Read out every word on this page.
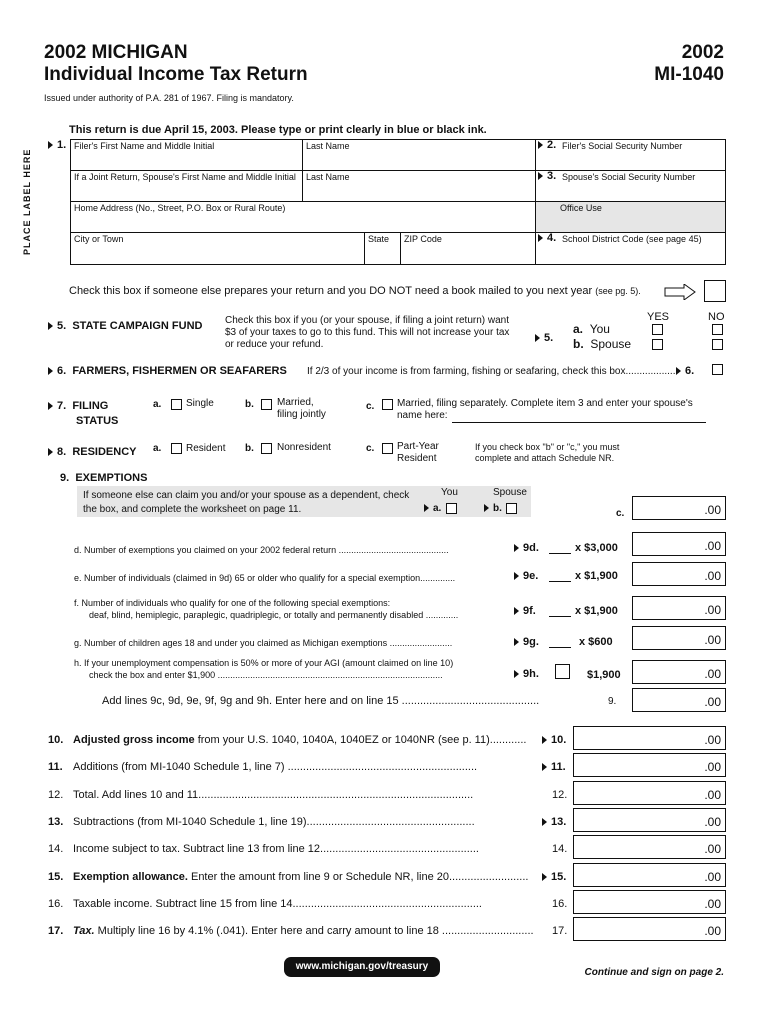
2002 MICHIGAN
Individual Income Tax Return
Issued under authority of P.A. 281 of 1967. Filing is mandatory.
2002
MI-1040
This return is due April 15, 2003. Please type or print clearly in blue or black ink.
PLACE LABEL HERE
1. Filer's First Name and Middle Initial	Last Name	2. Filer's Social Security Number
If a Joint Return, Spouse's First Name and Middle Initial Last Name	3. Spouse's Social Security Number
Home Address (No., Street, P.O. Box or Rural Route)	Office Use
City or Town	State ZIP Code	4. School District Code (see page 45)
Check this box if someone else prepares your return and you DO NOT need a book mailed to you next year (see pg. 5).
5. STATE CAMPAIGN FUND Check this box if you (or your spouse, if filing a joint return) want
$3 of your taxes to go to this fund. This will not increase your tax
or reduce your refund.
5.
YES	NO
a. You
b. Spouse
6. FARMERS, FISHERMEN OR SEAFARERS If 2/3 of your income is from farming, fishing or seafaring, check this box.................. 6.
7. FILING
STATUS
a. Single	b. Married,
filing jointly
c. Married, filing separately. Complete item 3 and enter your spouse's
name here:
8. RESIDENCY a. Resident b. Nonresident	c. Part-Year
Resident
If you check box "b" or "c," you must
complete and attach Schedule NR.
9. EXEMPTIONS
If someone else can claim you and/or your spouse as a dependent, check
the box, and complete the worksheet on page 11.
You	Spouse
a.	b.	c.	.00
d. Number of exemptions you claimed on your 2002 federal return ............................................	9d.	x $3,000	.00
e. Number of individuals (claimed in 9d) 65 or older who qualify for a special exemption..............	9e.	x $1,900	.00
f. Number of individuals who qualify for one of the following special exemptions:
deaf, blind, hemiplegic, paraplegic, quadriplegic, or totally and permanently disabled .............	9f.	x $1,900	.00
g. Number of children ages 18 and under you claimed as Michigan exemptions .........................	9g.	x $600	.00
h. If your unemployment compensation is 50% or more of your AGI (amount claimed on line 10)
check the box and enter $1,900 ..........................................................................................	9h.	$1,900	.00
Add lines 9c, 9d, 9e, 9f, 9g and 9h. Enter here and on line 15 .............................................	9.	.00
10. Adjusted gross income from your U.S. 1040, 1040A, 1040EZ or 1040NR (see p. 11)............	10.	.00
11. Additions (from MI-1040 Schedule 1, line 7) ..............................................................	11.	.00
12. Total. Add lines 10 and 11..........................................................................................	12.	.00
13. Subtractions (from MI-1040 Schedule 1, line 19).......................................................	13.	.00
14. Income subject to tax. Subtract line 13 from line 12....................................................	14.	.00
15. Exemption allowance. Enter the amount from line 9 or Schedule NR, line 20..........................	15.	.00
16. Taxable income. Subtract line 15 from line 14..............................................................	16.	.00
17. Tax. Multiply line 16 by 4.1% (.041). Enter here and carry amount to line 18 .............................. 17.	.00
www.michigan.gov/treasury
Continue and sign on page 2.
